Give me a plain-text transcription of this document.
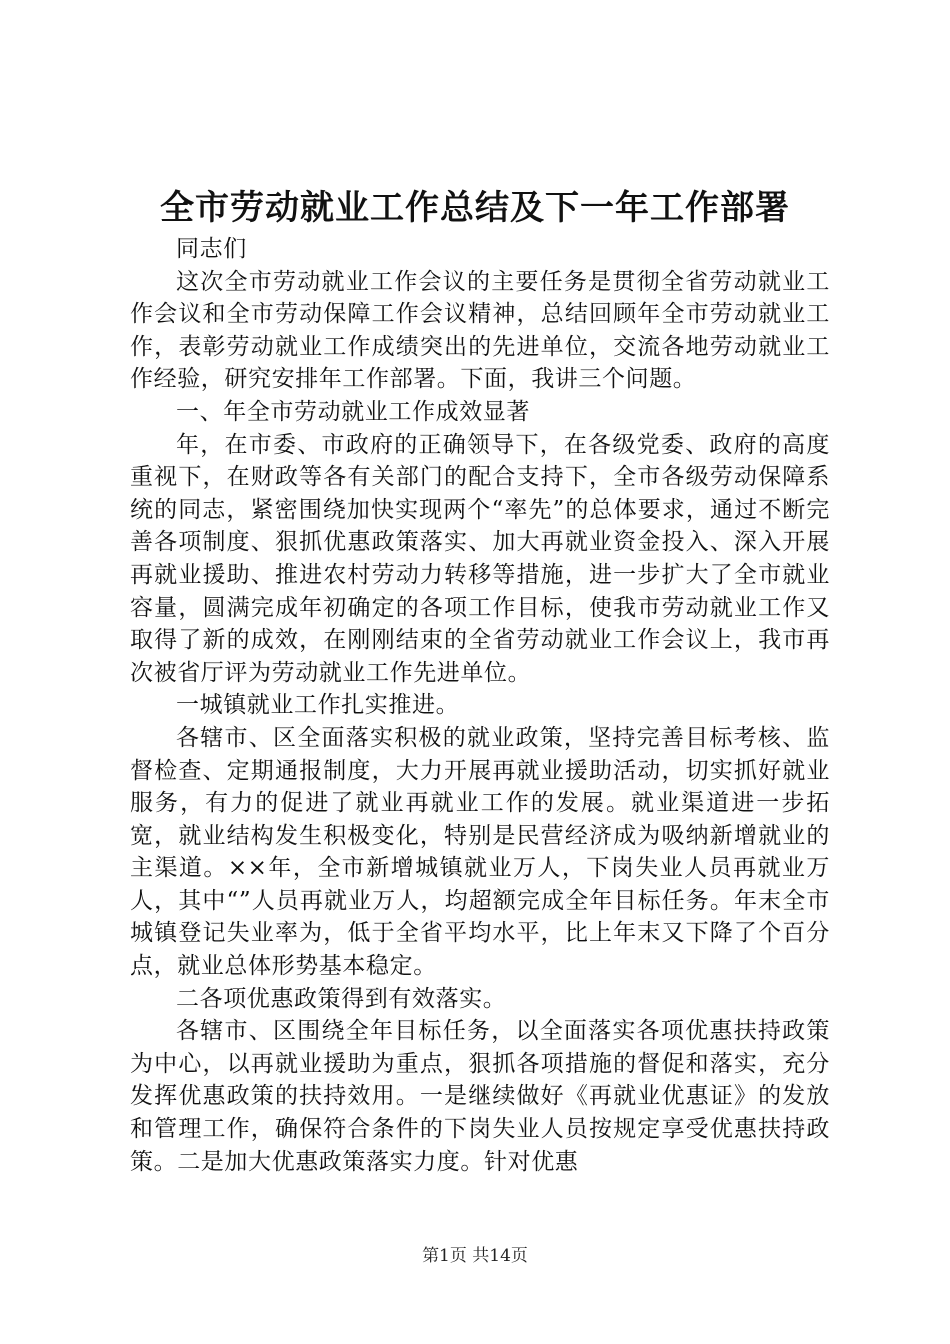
全市劳动就业工作总结及下一年工作部署

同志们

这次全市劳动就业工作会议的主要任务是贯彻全省劳动就业工作会议和全市劳动保障工作会议精神，总结回顾年全市劳动就业工作，表彰劳动就业工作成绩突出的先进单位，交流各地劳动就业工作经验，研究安排年工作部署。下面，我讲三个问题。

一、年全市劳动就业工作成效显著

年，在市委、市政府的正确领导下，在各级党委、政府的高度重视下，在财政等各有关部门的配合支持下，全市各级劳动保障系统的同志，紧密围绕加快实现两个“率先”的总体要求，通过不断完善各项制度、狠抓优惠政策落实、加大再就业资金投入、深入开展再就业援助、推进农村劳动力转移等措施，进一步扩大了全市就业容量，圆满完成年初确定的各项工作目标，使我市劳动就业工作又取得了新的成效，在刚刚结束的全省劳动就业工作会议上，我市再次被省厅评为劳动就业工作先进单位。

一城镇就业工作扎实推进。

各辖市、区全面落实积极的就业政策，坚持完善目标考核、监督检查、定期通报制度，大力开展再就业援助活动，切实抓好就业服务，有力的促进了就业再就业工作的发展。就业渠道进一步拓宽，就业结构发生积极变化，特别是民营经济成为吸纳新增就业的主渠道。××年，全市新增城镇就业万人，下岗失业人员再就业万人，其中“”人员再就业万人，均超额完成全年目标任务。年末全市城镇登记失业率为，低于全省平均水平，比上年末又下降了个百分点，就业总体形势基本稳定。

二各项优惠政策得到有效落实。

各辖市、区围绕全年目标任务，以全面落实各项优惠扶持政策为中心，以再就业援助为重点，狠抓各项措施的督促和落实，充分发挥优惠政策的扶持效用。一是继续做好《再就业优惠证》的发放和管理工作，确保符合条件的下岗失业人员按规定享受优惠扶持政策。二是加大优惠政策落实力度。针对优惠

第1页 共14页
